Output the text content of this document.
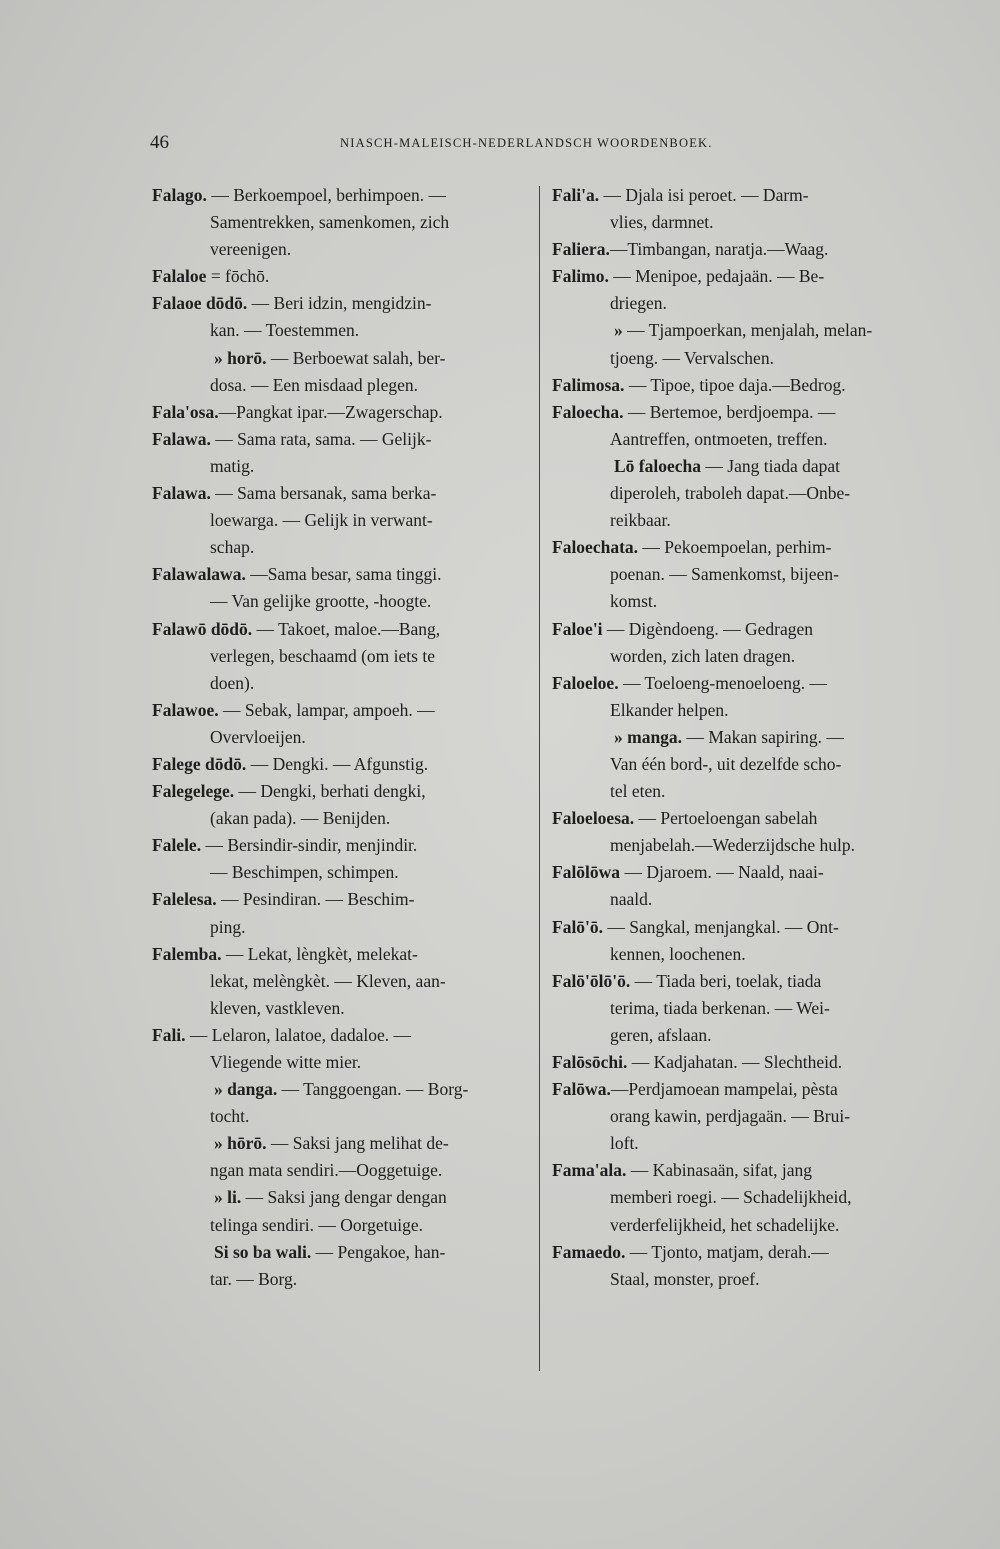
46	NIASCH-MALEISCH-NEDERLANDSCH WOORDENBOEK.
Falago. — Berkoempoel, berhimpoen. —
Samentrekken, samenkomen, zich
vereenigen.
Falaloe = fōchō.
Falaoe dōdō. — Beri idzin, mengidzin-
kan. — Toestemmen.
» horō. — Berboewat salah, ber-
dosa. — Een misdaad plegen.
Fala'osa.—Pangkat ipar.—Zwagerschap.
Falawa. — Sama rata, sama. — Gelijk-
matig.
Falawa. — Sama bersanak, sama berka-
loewarga. — Gelijk in verwant-
schap.
Falawalawa. —Sama besar, sama tinggi.
— Van gelijke grootte, -hoogte.
Falawō dōdō. — Takoet, maloe.—Bang,
verlegen, beschaamd (om iets te
doen).
Falawoe. — Sebak, lampar, ampoeh. —
Overvloeijen.
Falege dōdō. — Dengki. — Afgunstig.
Falegelege. — Dengki, berhati dengki,
(akan pada). — Benijden.
Falele. — Bersindir-sindir, menjindir.
— Beschimpen, schimpen.
Falelesa. — Pesindiran. — Beschim-
ping.
Falemba. — Lekat, lèngkèt, melekat-
lekat, melèngkèt. — Kleven, aan-
kleven, vastkleven.
Fali. — Lelaron, lalatoe, dadaloe. —
Vliegende witte mier.
» danga. — Tanggoengan. — Borg-
tocht.
» hōrō. — Saksi jang melihat de-
ngan mata sendiri.—Ooggetuige.
» li. — Saksi jang dengar dengan
telinga sendiri. — Oorgetuige.
Si so ba wali. — Pengakoe, han-
tar. — Borg.
Fali'a. — Djala isi peroet. — Darm-
vlies, darmnet.
Faliera.—Timbangan, naratja.—Waag.
Falimo. — Menipoe, pedajaän. — Be-
driegen.
» — Tjampoerkan, menjalah, melan-
tjoeng. — Vervalschen.
Falimosa. — Tipoe, tipoe daja.—Bedrog.
Faloecha. — Bertemoe, berdjoempa. —
Aantreffen, ontmoeten, treffen.
Lō faloecha — Jang tiada dapat
diperoleh, traboleh dapat.—Onbe-
reikbaar.
Faloechata. — Pekoempoelan, perhim-
poenan. — Samenkomst, bijeen-
komst.
Faloe'i — Digèndoeng. — Gedragen
worden, zich laten dragen.
Faloeloe. — Toeloeng-menoeloeng. —
Elkander helpen.
» manga. — Makan sapiring. —
Van één bord-, uit dezelfde scho-
tel eten.
Faloeloesa. — Pertoeloengan sabelah
menjabelah.—Wederzijdsche hulp.
Falōlōwa — Djaroem. — Naald, naai-
naald.
Falō'ō. — Sangkal, menjangkal. — Ont-
kennen, loochenen.
Falō'ōlō'ō. — Tiada beri, toelak, tiada
terima, tiada berkenan. — Wei-
geren, afslaan.
Falōsōchi. — Kadjahatan. — Slechtheid.
Falōwa.—Perdjamoean mampelai, pèsta
orang kawin, perdjagaän. — Brui-
loft.
Fama'ala. — Kabinasaän, sifat, jang
memberi roegi. — Schadelijkheid,
verderfelijkheid, het schadelijke.
Famaedo. — Tjonto, matjam, derah.—
Staal, monster, proef.
